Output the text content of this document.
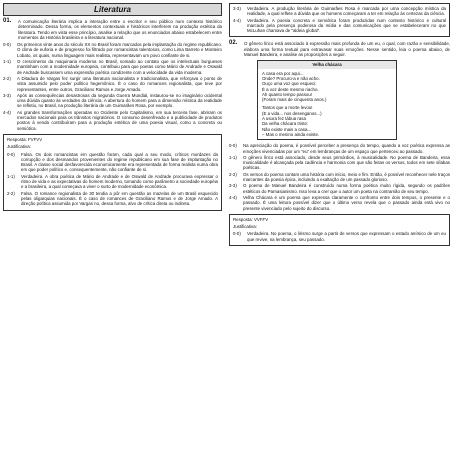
Literatura
01.	A comunicação literária implica a interação entre o escritor e seu público num contexto histórico determinado. Dessa forma, os elementos contextuais e históricos interferem na produção estética da literatura. Tendo em vista esse princípio, analise a relação que os enunciados abaixo estabelecem entre momentos da História brasileira e a literatura nacional.
0-0)	Os primeiros vinte anos do século XX no Brasil foram marcados pela implantação do regime republicano. O clima de euforia e de progresso foi filtrado por romancistas talentosos, como Lima Barreto e Monteiro Lobato, os quais, numa linguagem mais realista, representavam um povo confiante de si.
1-1)	O crescimento da maquinaria moderna no Brasil, somado ao contato que os intelectuais burgueses mantinham com a modernidade europeia, contribuiu para que poetas como Mário de Andrade e Oswald de Andrade buscassem uma expressão poética condizente com a velocidade da vida moderna.
2-2)	A Ditadura de Vargas fez surgir uma literatura nacionalista e tradicionalista, que reforçava o ponto de vista assumido pelo poder político hegemônico. É o caso do romances regionalista, que teve por representantes, entre outros, Graciliano Ramos e Jorge Amado.
3-3)	Após as consequências desastrosas da segunda Guerra Mundial, instaurou-se no imaginário ocidental uma dúvida quanto às verdades da ciência. A abertura do homem para a dimensão mística da realidade se refletiu, no Brasil, na produção literária de um Guimarães Rosa, por exemplo.
4-4)	As grandes transformações operadas no Ocidente pelo Capitalismo, em sua terceira fase, abriram os mercados nacionais para os trânsitos migratórios. O consumo desenfreado e a publicidade de produtos postos à venda contribuíram para a produção estética de uma poesia visual, como a concreta ou semiótica.
Resposta: FVFVV
Justificativa:
0-0)	Falsa. Os dois romancistas em questão foram, cada qual a seu modo, críticos mordazes da corrupção e dos desmandos provenientes do regime republicano em sua fase de implantação no Brasil. A classe social desfavorecida economicamente era representada de forma realista numa obra em que poder político e, consequentemente, não confiante de si.
1-1)	Verdadeira. A obra poética de Mário de Andrade e de Oswald de Andrade procurava expressar o ritmo de vida e as expectativas do homem moderno, tomando como parâmetro a sociedade européia e a brasileira, a qual começava a viver o surto de modernidade econômica.
2-2)	Falsa. O romance regionalista de 30 tendia a pôr em questão as mazelas de um Brasil esquecido pelas oligarquias nacionais. É o caso de romances de Graciliano Ramos e de Jorge Amado. A direção política assumida por Vargas no, dessa forma, alvo de crítica direta ou indireta.
3-3)	Verdadeira. A produção literária de Guimarães Rosa é marcada por uma concepção mística da realidade, a qual reflete a dúvida que os homens começaram a ter em relação às certezas da ciência.
4-4)	Verdadeira. A poesia concreta e semiótica foram produzidas num contexto histórico e cultural marcado pela presença poderosa da mídia e das comunicações que se estabeleceram no que McLuhan chamava de "aldeia global".
02.	O gênero lírico está associado à expressão mais profunda de um eu, o qual, com razão e sensibilidade, elabora uma forma textual para extravasar suas emoções. Nesse sentido, leia o poema abaixo, de Manuel Bandeira, e analise as proposições a seguir.
Velha chácara
A casa era por aqui...
Onde? Procuro-a e não acho.
Ouço uma voz que esqueci:
É a voz deste mesmo riacho.
Ah quanto tempo passou!
(Foram mais de cinquenta anos.)
Tantos que a morte levou!
(E a vida... nos desenganos...)
A usura fez tábua rasa
Da velha chácara triste:
Não existe mais a casa...
– Mas o menino ainda existe.
0-0)	Na apreciação do poema, é possível perceber a presença do tempo, quando a voz poética expressa as emoções vivenciadas por um "eu" em lembranças de um espaço que pertenceu ao passado.
1-1)	O gênero lírico está associado, desde seus primórdios, à musicalidade. No poema de Bandeira, essa musicalidade é alcançada pela cadência e harmonia com que são feitas os versos, todos em sete sílabas poéticas.
2-2)	Os versos do poema contam uma história com início, meio e fim. Então, é possível reconhecer nele traços marcantes da poesia épica, incluindo a exaltação de um passado glorioso.
3-3)	O poema de Manuel Bandeira é construído numa forma poética muito rígida, segundo os padrões estéticos do Parnasianismo. Isso leva a crer que o autor um poeta na contramão de seu tempo.
4-4)	Velha Chácara é um poema que expressa claramente o confronto entre dois tempos, o presente e o passado. É uma leitura possível dizer que o último verso revela que o passado ainda está vivo no presente vivenciado pelo sujeito do discurso.
Resposta: VVFFV
Justificativa:
0-0)	Verdadeira. No poema, o lirismo surge a partir de versos que expressam o estado anímico de um eu que revive, na lembrança, seu passado.
